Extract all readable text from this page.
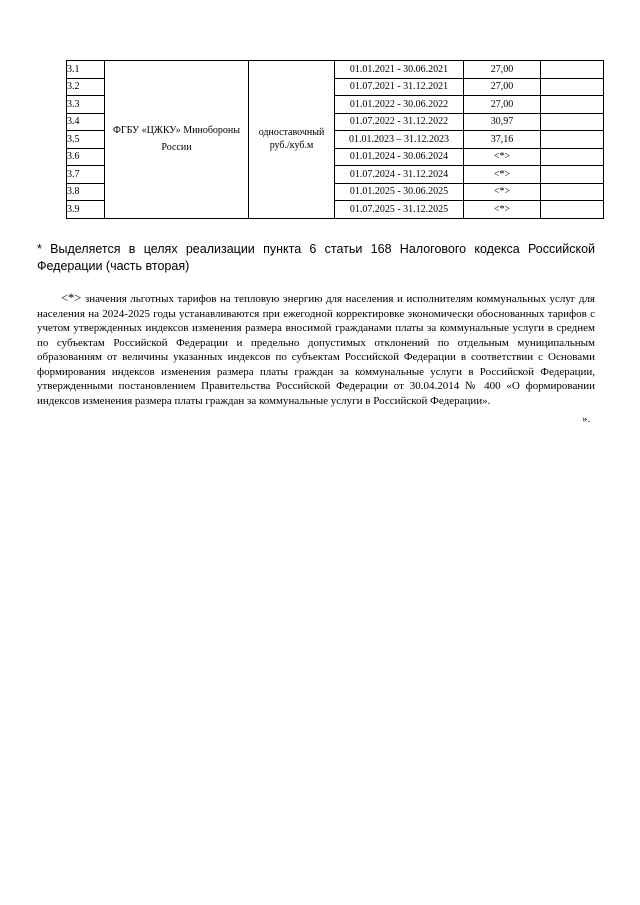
3.1	ФГБУ «ЦЖКУ» Минобороны России	одноставочный руб./куб.м	01.01.2021 - 30.06.2021	27,00	
3.2			01.07.2021 - 31.12.2021	27,00	
3.3			01.01.2022 - 30.06.2022	27,00	
3.4			01.07.2022 - 31.12.2022	30,97	
3.5			01.01.2023 – 31.12.2023	37,16	
3.6			01.01.2024 - 30.06.2024	<*>	
3.7			01.07.2024 - 31.12.2024	<*>	
3.8			01.01.2025 - 30.06.2025	<*>	
3.9			01.07.2025 - 31.12.2025	<*>	
* Выделяется в целях реализации пункта 6 статьи 168 Налогового кодекса Российской Федерации (часть вторая)
<*> значения льготных тарифов на тепловую энергию для населения и исполнителям коммунальных услуг для населения на 2024-2025 годы устанавливаются при ежегодной корректировке экономически обоснованных тарифов с учетом утвержденных индексов изменения размера вносимой гражданами платы за коммунальные услуги в среднем по субъектам Российской Федерации и предельно допустимых отклонений по отдельным муниципальным образованиям от величины указанных индексов по субъектам Российской Федерации в соответствии с Основами формирования индексов изменения размера платы граждан за коммунальные услуги в Российской Федерации, утвержденными постановлением Правительства Российской Федерации от 30.04.2014 № 400 «О формировании индексов изменения размера платы граждан за коммунальные услуги в Российской Федерации».
».
